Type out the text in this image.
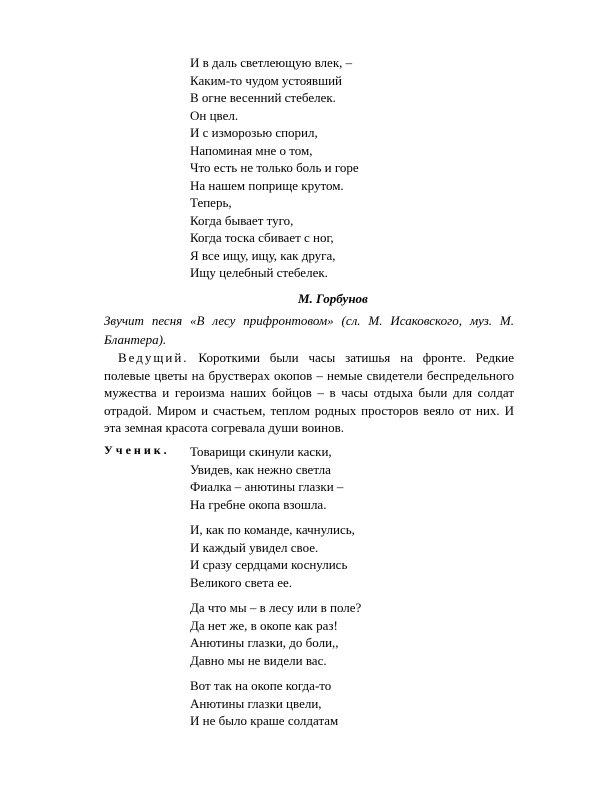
И в даль светлеющую влек, –
Каким-то чудом устоявший
В огне весенний стебелек.
Он цвел.
И с изморозью спорил,
Напоминая мне о том,
Что есть не только боль и горе
На нашем поприще крутом.
Теперь,
Когда бывает туго,
Когда тоска сбивает с ног,
Я все ищу, ищу, как друга,
Ищу целебный стебелек.
М. Горбунов
Звучит песня «В лесу прифронтовом» (сл. М. Исаковского, муз. М. Блантера).
Ведущий. Короткими были часы затишья на фронте. Редкие полевые цветы на брустверах окопов – немые свидетели беспредельного мужества и героизма наших бойцов – в часы отдыха были для солдат отрадой. Миром и счастьем, теплом родных просторов веяло от них. И эта земная красота согревала души воинов.
Ученик. Товарищи скинули каски,
Увидев, как нежно светла
Фиалка – анютины глазки –
На гребне окопа взошла.
И, как по команде, качнулись,
И каждый увидел свое.
И сразу сердцами коснулись
Великого света ее.
Да что мы – в лесу или в поле?
Да нет же, в окопе как раз!
Анютины глазки, до боли,,
Давно мы не видели вас.
Вот так на окопе когда-то
Анютины глазки цвели,
И не было краше солдатам
